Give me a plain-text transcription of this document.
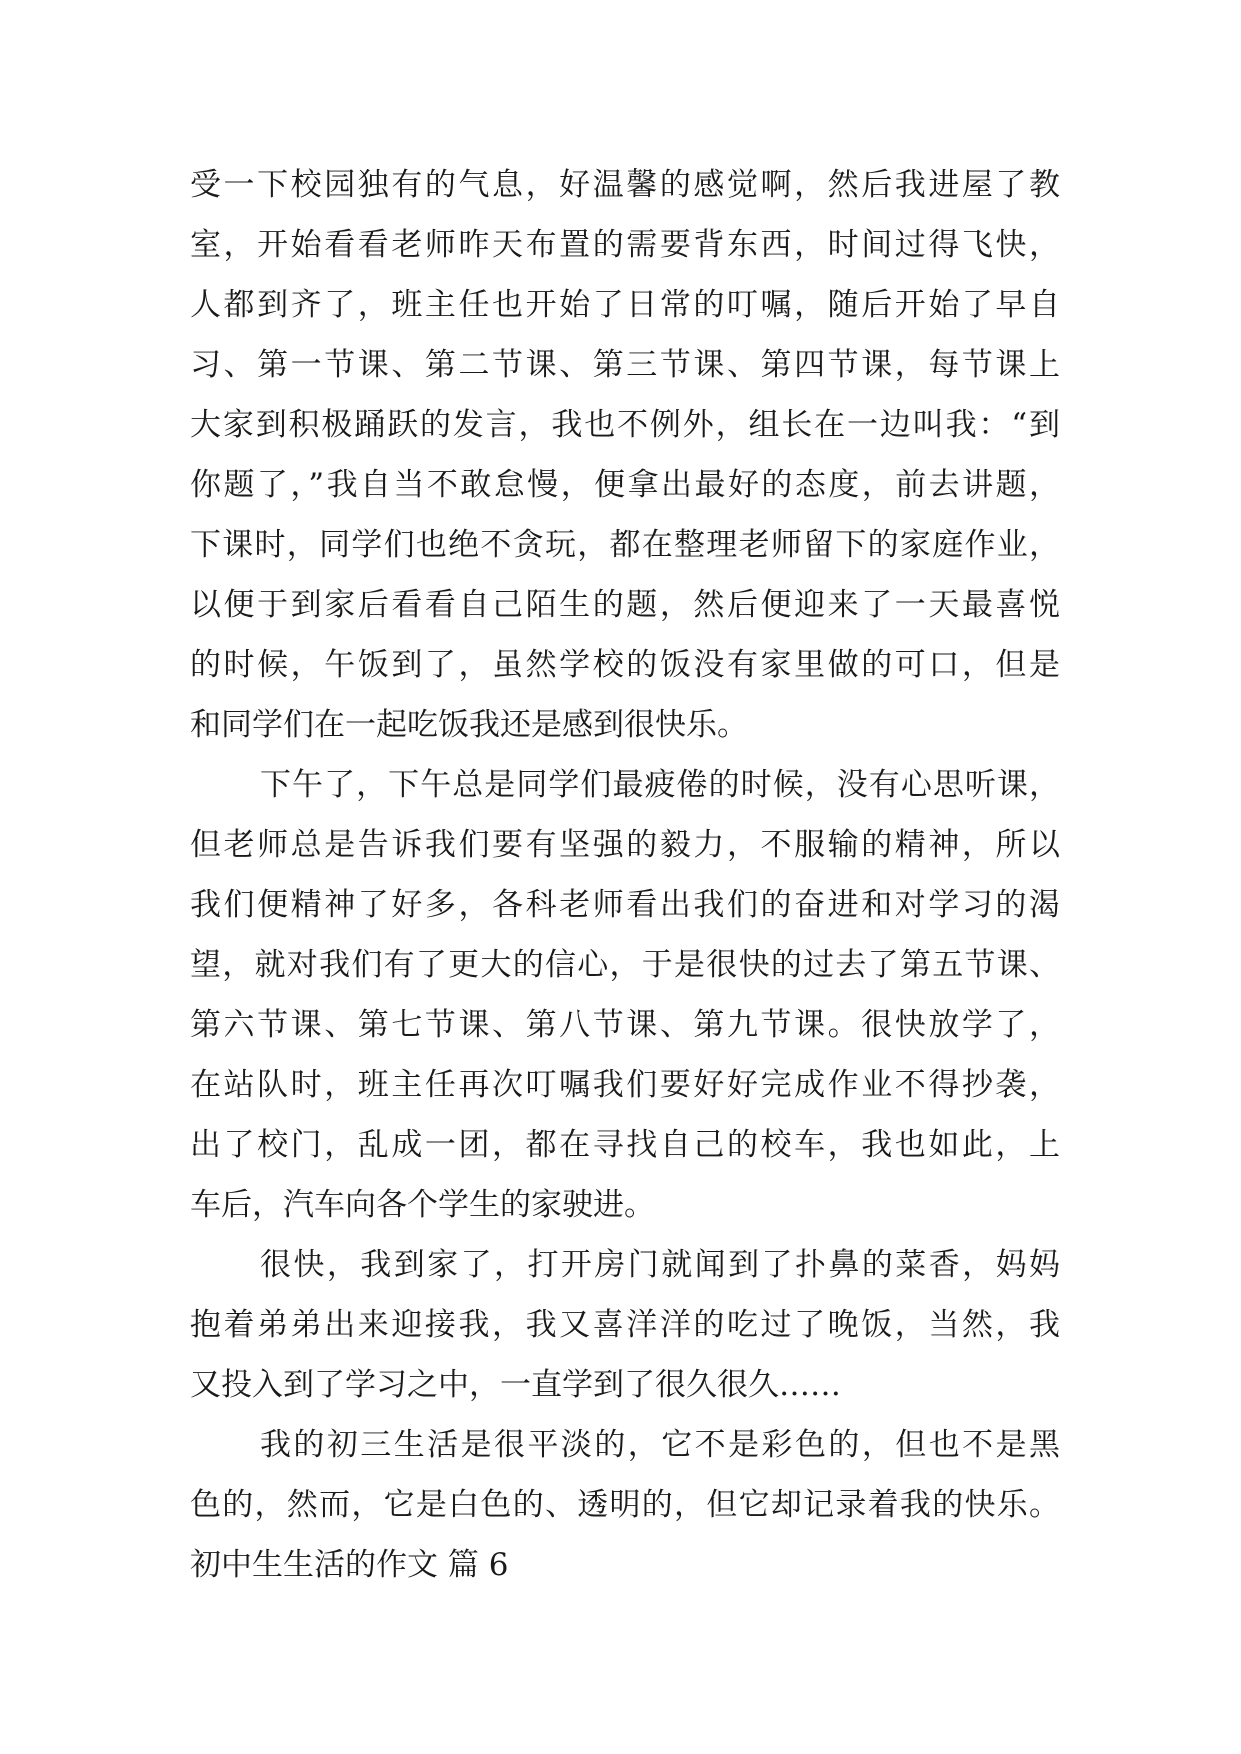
受一下校园独有的气息，好温馨的感觉啊，然后我进屋了教
室，开始看看老师昨天布置的需要背东西，时间过得飞快，
人都到齐了，班主任也开始了日常的叮嘱，随后开始了早自
习、第一节课、第二节课、第三节课、第四节课，每节课上
大家到积极踊跃的发言，我也不例外，组长在一边叫我：“到
你题了，”我自当不敢怠慢，便拿出最好的态度，前去讲题，
下课时，同学们也绝不贪玩，都在整理老师留下的家庭作业，
以便于到家后看看自己陌生的题，然后便迎来了一天最喜悦
的时候，午饭到了，虽然学校的饭没有家里做的可口，但是
和同学们在一起吃饭我还是感到很快乐。
下午了，下午总是同学们最疲倦的时候，没有心思听课，
但老师总是告诉我们要有坚强的毅力，不服输的精神，所以
我们便精神了好多，各科老师看出我们的奋进和对学习的渴
望，就对我们有了更大的信心，于是很快的过去了第五节课、
第六节课、第七节课、第八节课、第九节课。很快放学了，
在站队时，班主任再次叮嘱我们要好好完成作业不得抄袭，
出了校门，乱成一团，都在寻找自己的校车，我也如此，上
车后，汽车向各个学生的家驶进。
很快，我到家了，打开房门就闻到了扑鼻的菜香，妈妈
抱着弟弟出来迎接我，我又喜洋洋的吃过了晚饭，当然，我
又投入到了学习之中，一直学到了很久很久……
我的初三生活是很平淡的，它不是彩色的，但也不是黑
色的，然而，它是白色的、透明的，但它却记录着我的快乐。
初中生生活的作文 篇 6
